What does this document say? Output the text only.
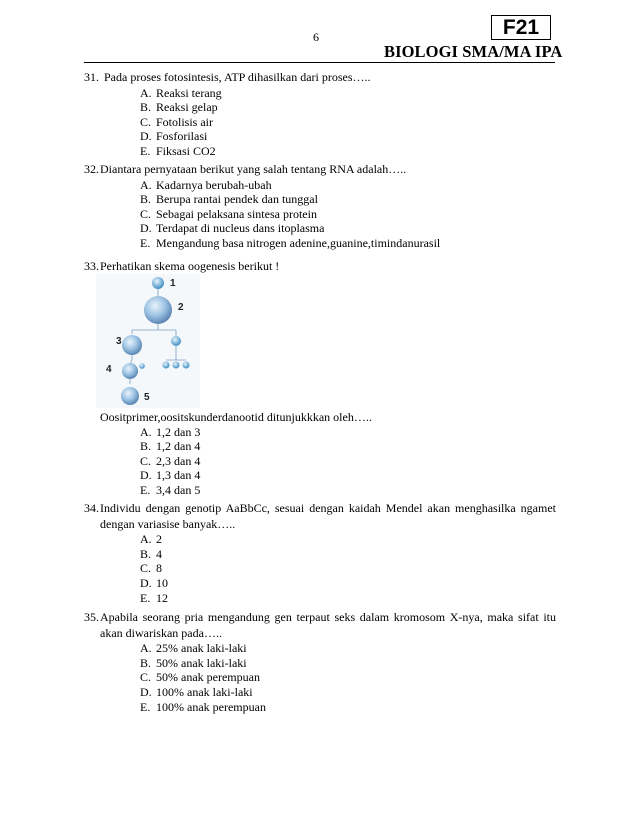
6	F21
BIOLOGI SMA/MA IPA
31. Pada proses fotosintesis, ATP dihasilkan dari proses…..
A. Reaksi terang
B. Reaksi gelap
C. Fotolisis air
D. Fosforilasi
E. Fiksasi CO2
32. Diantara pernyataan berikut yang salah tentang RNA adalah…..
A. Kadarnya berubah-ubah
B. Berupa rantai pendek dan tunggal
C. Sebagai pelaksana sintesa protein
D. Terdapat di nucleus dans itoplasma
E. Mengandung basa nitrogen adenine,guanine,timindanurasil
33. Perhatikan skema oogenesis berikut !
1
2
3
4
5
Oositprimer,oositskunderdanootid ditunjukkkan oleh…..
A. 1,2 dan 3
B. 1,2 dan 4
C. 2,3 dan 4
D. 1,3 dan 4
E. 3,4 dan 5
34. Individu dengan genotip AaBbCc, sesuai dengan kaidah Mendel akan menghasilka ngamet dengan variasise banyak…..
A. 2
B. 4
C. 8
D. 10
E. 12
35. Apabila seorang pria mengandung gen terpaut seks dalam kromosom X-nya, maka sifat itu akan diwariskan pada…..
A. 25% anak laki-laki
B. 50% anak laki-laki
C. 50% anak perempuan
D. 100% anak laki-laki
E. 100% anak perempuan
